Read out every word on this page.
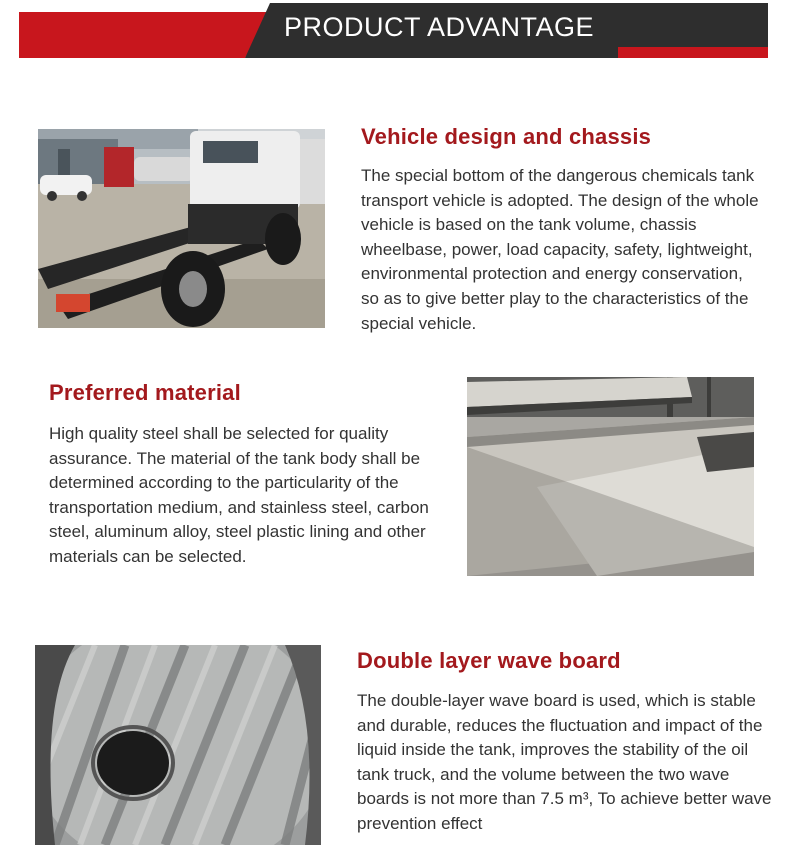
PRODUCT ADVANTAGE
Vehicle design and chassis
The special bottom of the dangerous chemicals tank transport vehicle is adopted. The design of the whole vehicle is based on the tank volume, chassis wheelbase, power, load capacity, safety, lightweight, environmental protection and energy conservation, so as to give better play to the characteristics of the special vehicle.
Preferred material
High quality steel shall be selected for quality assurance. The material of the tank body shall be determined according to the particularity of the transportation medium, and stainless steel, carbon steel, aluminum alloy, steel plastic lining and other materials can be selected.
Double layer wave board
The double-layer wave board is used, which is stable and durable, reduces the fluctuation and impact of the liquid inside the tank, improves the stability of the oil tank truck, and the volume between the two wave boards is not more than 7.5 m³, To achieve better wave prevention effect
